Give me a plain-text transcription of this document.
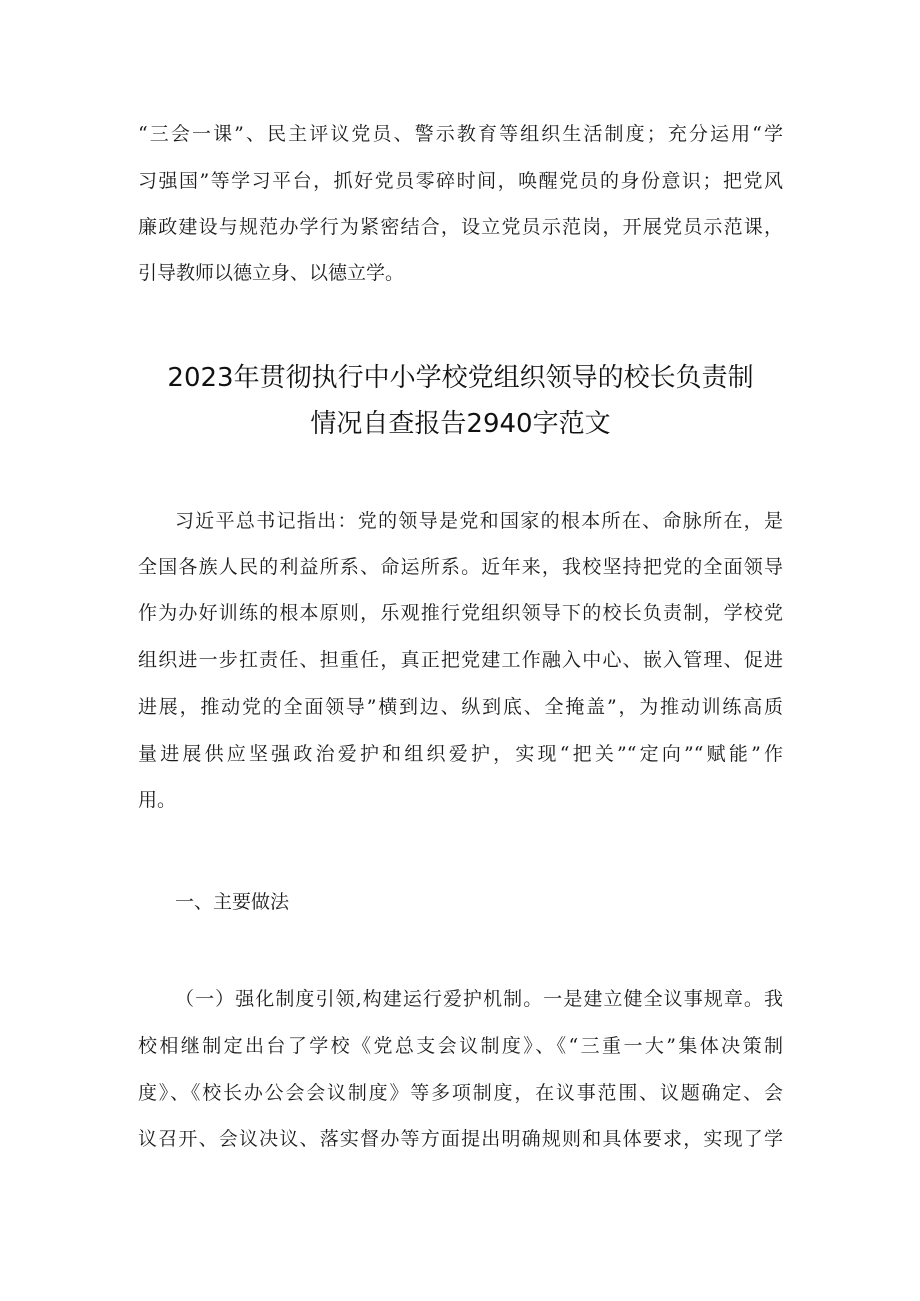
“三会一课”、民主评议党员、警示教育等组织生活制度；充分运用“学
习强国”等学习平台，抓好党员零碎时间，唤醒党员的身份意识；把党风
廉政建设与规范办学行为紧密结合，设立党员示范岗，开展党员示范课，
引导教师以德立身、以德立学。
2023年贯彻执行中小学校党组织领导的校长负责制
情况自查报告2940字范文
习近平总书记指出：党的领导是党和国家的根本所在、命脉所在，是
全国各族人民的利益所系、命运所系。近年来，我校坚持把党的全面领导
作为办好训练的根本原则，乐观推行党组织领导下的校长负责制，学校党
组织进一步扛责任、担重任，真正把党建工作融入中心、嵌入管理、促进
进展，推动党的全面领导”横到边、纵到底、全掩盖”，为推动训练高质
量进展供应坚强政治爱护和组织爱护，实现“把关”“定向”“赋能”作
用。
一、主要做法
（一）强化制度引领,构建运行爱护机制。一是建立健全议事规章。我
校相继制定出台了学校《党总支会议制度》、《“三重一大”集体决策制
度》、《校长办公会会议制度》等多项制度，在议事范围、议题确定、会
议召开、会议决议、落实督办等方面提出明确规则和具体要求，实现了学
